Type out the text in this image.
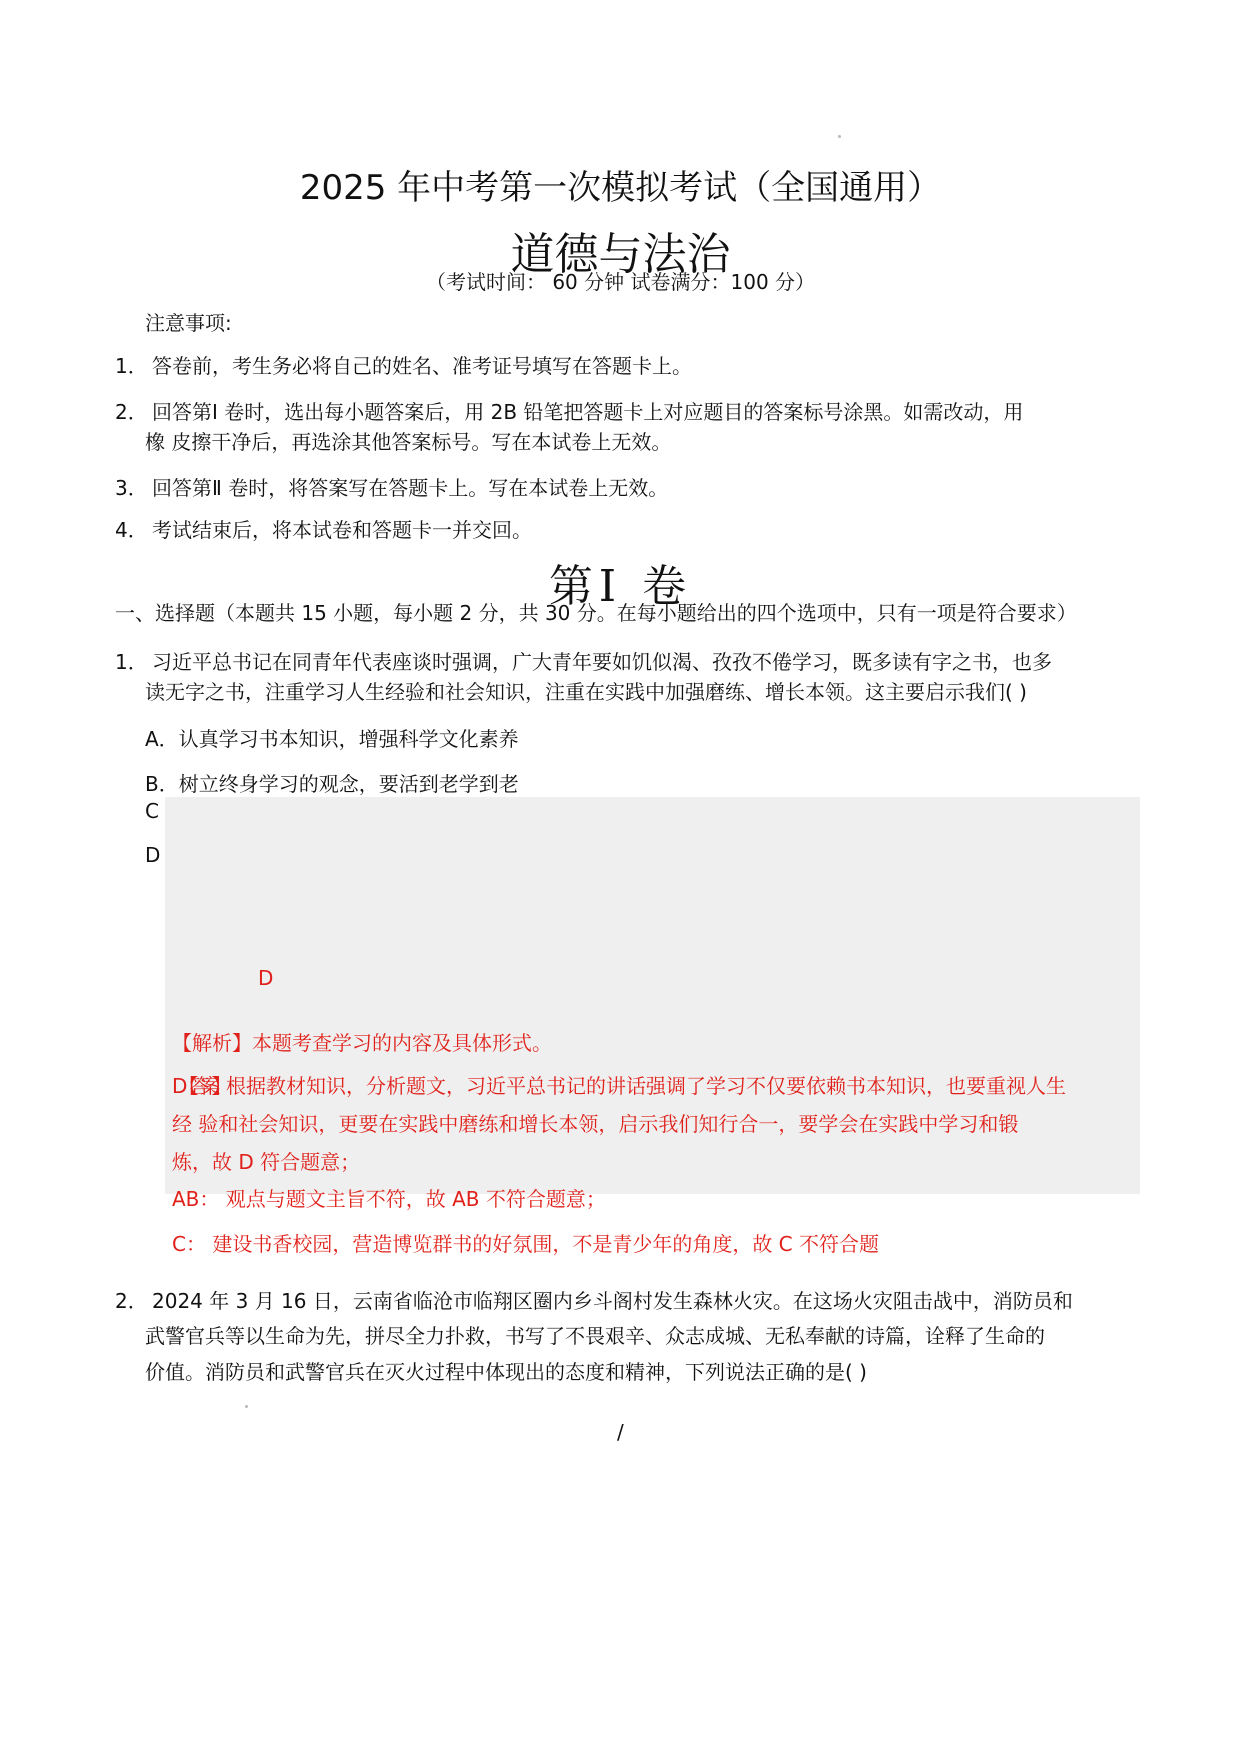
2025 年中考第一次模拟考试（全国通用）
道德与法治
（考试时间： 60 分钟 试卷满分：100 分）
注意事项:
1． 答卷前，考生务必将自己的姓名、准考证号填写在答题卡上。
2． 回答第Ⅰ 卷时，选出每小题答案后，用 2B 铅笔把答题卡上对应题目的答案标号涂黑。如需改动，用
橡 皮擦干净后，再选涂其他答案标号。写在本试卷上无效。
3． 回答第Ⅱ 卷时，将答案写在答题卡上。写在本试卷上无效。
4． 考试结束后，将本试卷和答题卡一并交回。
第Ⅰ 卷
一、选择题（本题共 15 小题，每小题 2 分，共 30 分。在每小题给出的四个选项中，只有一项是符合要求）
1． 习近平总书记在同青年代表座谈时强调，广大青年要如饥似渴、孜孜不倦学习，既多读有字之书，也多
读无字之书，注重学习人生经验和社会知识，注重在实践中加强磨练、增长本领。这主要启示我们( )
A．认真学习书本知识，增强科学文化素养
B．树立终身学习的观念，要活到老学到老
C
D
D
【解析】本题考查学习的内容及具体形式。
D【答案】 根据教材知识，分析题文，习近平总书记的讲话强调了学习不仅要依赖书本知识，也要重视人生
经 验和社会知识，更要在实践中磨练和增长本领，启示我们知行合一，要学会在实践中学习和锻
炼，故 D 符合题意；
AB： 观点与题文主旨不符，故 AB 不符合题意；
C： 建设书香校园，营造博览群书的好氛围，不是青少年的角度，故 C 不符合题
2． 2024 年 3 月 16 日，云南省临沧市临翔区圈内乡斗阁村发生森林火灾。在这场火灾阻击战中，消防员和
武警官兵等以生命为先，拼尽全力扑救，书写了不畏艰辛、众志成城、无私奉献的诗篇，诠释了生命的
价值。消防员和武警官兵在灭火过程中体现出的态度和精神，下列说法正确的是( )
/
